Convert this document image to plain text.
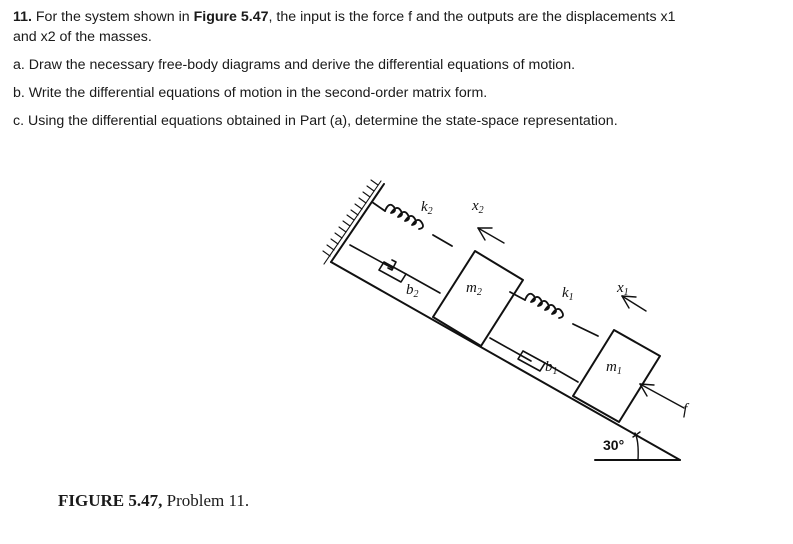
11. For the system shown in Figure 5.47, the input is the force f and the outputs are the displacements x1
and x2 of the masses.

a. Draw the necessary free-body diagrams and derive the differential equations of motion.

b. Write the differential equations of motion in the second-order matrix form.

c. Using the differential equations obtained in Part (a), determine the state-space representation.

$k_2$	$x_2$
$b_2$	$m_2$	$k_1$
$x_1$
$b_1$	$m_1$
f
30°
FIGURE 5.47, Problem 11.
